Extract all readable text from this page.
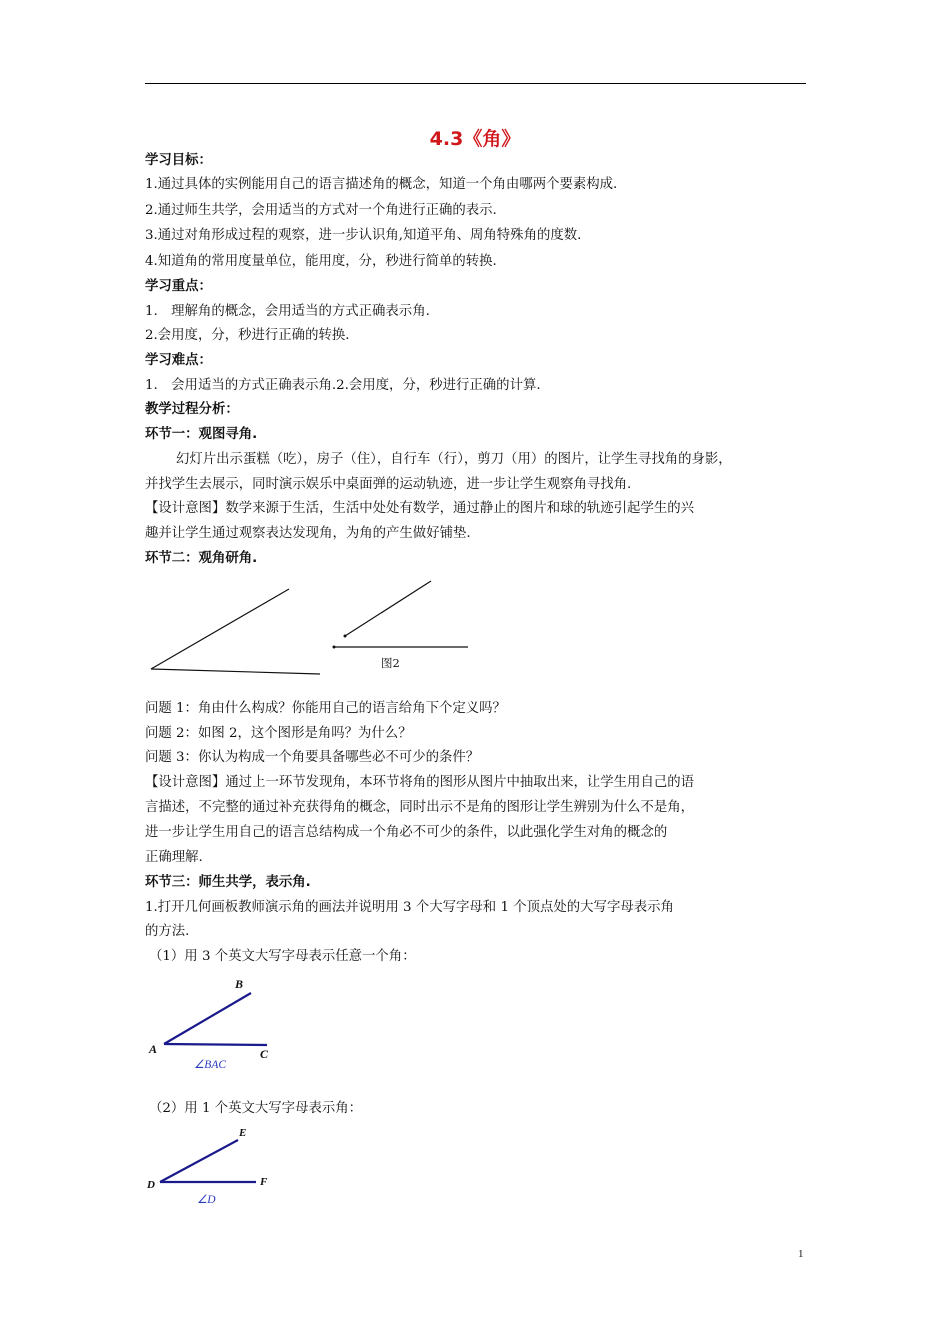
4.3《角》
学习目标：
1.通过具体的实例能用自己的语言描述角的概念，知道一个角由哪两个要素构成.
2.通过师生共学，会用适当的方式对一个角进行正确的表示.
3.通过对角形成过程的观察，进一步认识角,知道平角、周角特殊角的度数.
4.知道角的常用度量单位，能用度，分，秒进行简单的转换.
学习重点：
1.　理解角的概念，会用适当的方式正确表示角.
2.会用度，分，秒进行正确的转换.
学习难点：
1.　会用适当的方式正确表示角.2.会用度，分，秒进行正确的计算.
教学过程分析：
环节一：观图寻角.
幻灯片出示蛋糕（吃），房子（住），自行车（行），剪刀（用）的图片，让学生寻找角的身影，
并找学生去展示，同时演示娱乐中桌面弹的运动轨迹，进一步让学生观察角寻找角.
【设计意图】数学来源于生活，生活中处处有数学，通过静止的图片和球的轨迹引起学生的兴
趣并让学生通过观察表达发现角，为角的产生做好铺垫.
环节二：观角研角.
图2
问题 1：角由什么构成？你能用自己的语言给角下个定义吗？
问题 2：如图 2，这个图形是角吗？为什么？
问题 3：你认为构成一个角要具备哪些必不可少的条件？
【设计意图】通过上一环节发现角，本环节将角的图形从图片中抽取出来，让学生用自己的语
言描述，不完整的通过补充获得角的概念，同时出示不是角的图形让学生辨别为什么不是角，
进一步让学生用自己的语言总结构成一个角必不可少的条件，以此强化学生对角的概念的
正确理解.
环节三：师生共学，表示角.
1.打开几何画板教师演示角的画法并说明用 3 个大写字母和 1 个顶点处的大写字母表示角
的方法.
（1）用 3 个英文大写字母表示任意一个角：
B
A	C
∠BAC
（2）用 1 个英文大写字母表示角：
E
D	F
∠D
1
